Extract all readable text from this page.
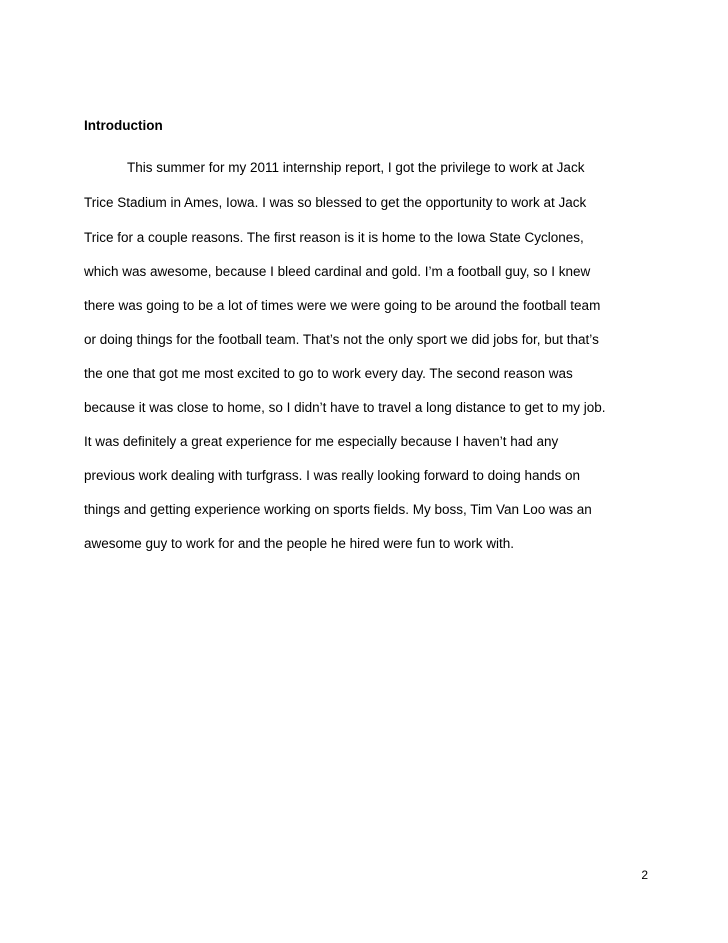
Introduction

This summer for my 2011 internship report, I got the privilege to work at Jack

Trice Stadium in Ames, Iowa. I was so blessed to get the opportunity to work at Jack

Trice for a couple reasons. The first reason is it is home to the Iowa State Cyclones,

which was awesome, because I bleed cardinal and gold. I’m a football guy, so I knew

there was going to be a lot of times were we were going to be around the football team

or doing things for the football team. That’s not the only sport we did jobs for, but that’s

the one that got me most excited to go to work every day. The second reason was

because it was close to home, so I didn’t have to travel a long distance to get to my job.

It was definitely a great experience for me especially because I haven’t had any

previous work dealing with turfgrass. I was really looking forward to doing hands on

things and getting experience working on sports fields. My boss, Tim Van Loo was an

awesome guy to work for and the people he hired were fun to work with.

2
